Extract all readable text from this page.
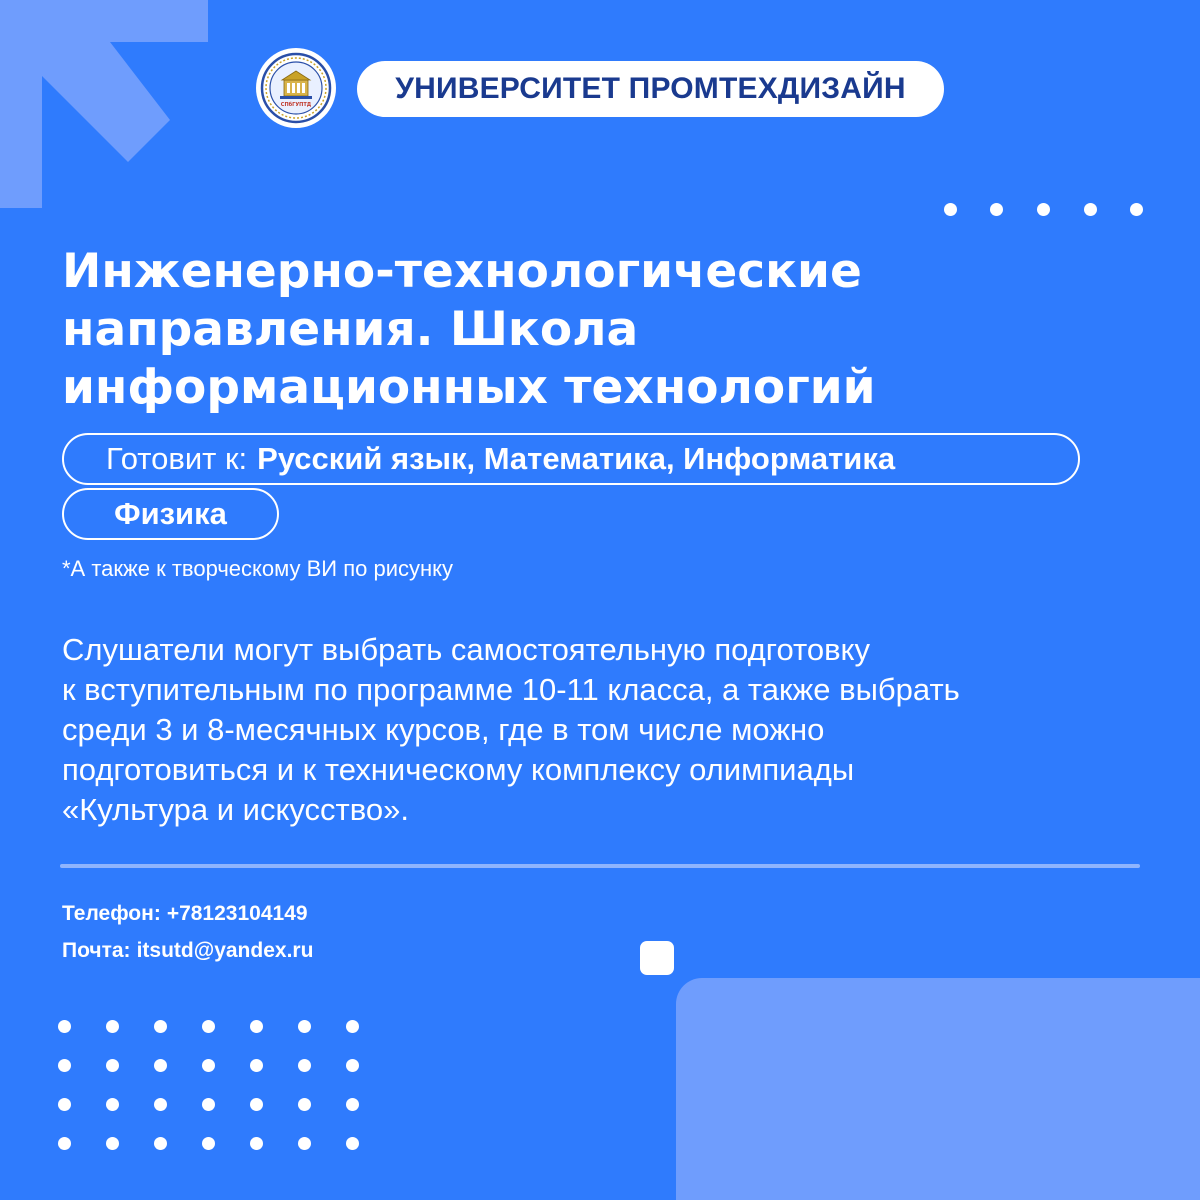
СПбГУПТД	УНИВЕРСИТЕТ ПРОМТЕХДИЗАЙН
Инженерно-технологические
направления. Школа
информационных технологий
Готовит к: Русский язык, Математика, Информатика
Физика
*А также к творческому ВИ по рисунку
Слушатели могут выбрать самостоятельную подготовку
к вступительным по программе 10-11 класса, а также выбрать
среди 3 и 8-месячных курсов, где в том числе можно
подготовиться и к техническому комплексу олимпиады
«Культура и искусство».
Телефон: +78123104149
Почта: itsutd@yandex.ru
